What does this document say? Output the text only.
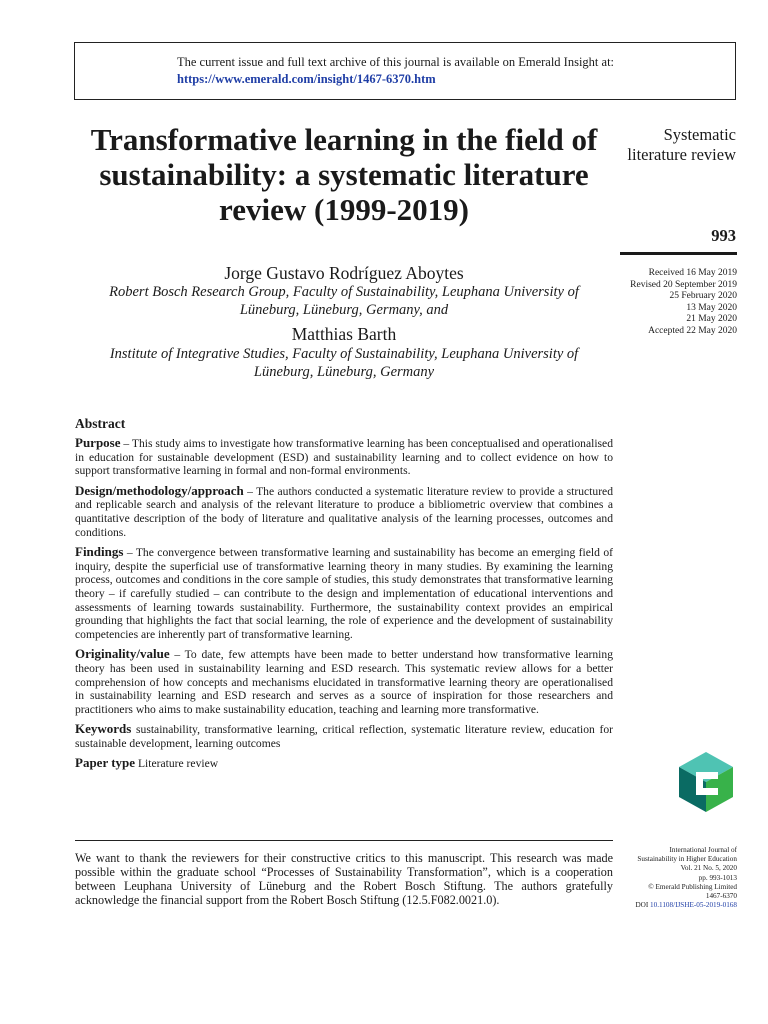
The current issue and full text archive of this journal is available on Emerald Insight at:
https://www.emerald.com/insight/1467-6370.htm
Transformative learning in the field of sustainability: a systematic literature review (1999-2019)
Jorge Gustavo Rodríguez Aboytes
Robert Bosch Research Group, Faculty of Sustainability, Leuphana University of Lüneburg, Lüneburg, Germany, and
Matthias Barth
Institute of Integrative Studies, Faculty of Sustainability, Leuphana University of Lüneburg, Lüneburg, Germany
Systematic literature review
993
Received 16 May 2019
Revised 20 September 2019
25 February 2020
13 May 2020
21 May 2020
Accepted 22 May 2020
Abstract

Purpose – This study aims to investigate how transformative learning has been conceptualised and operationalised in education for sustainable development (ESD) and sustainability learning and to collect evidence on how to support transformative learning in formal and non-formal environments.

Design/methodology/approach – The authors conducted a systematic literature review to provide a structured and replicable search and analysis of the relevant literature to produce a bibliometric overview that combines a quantitative description of the body of literature and qualitative analysis of the learning processes, outcomes and conditions.

Findings – The convergence between transformative learning and sustainability has become an emerging field of inquiry, despite the superficial use of transformative learning theory in many studies. By examining the learning process, outcomes and conditions in the core sample of studies, this study demonstrates that transformative learning theory – if carefully studied – can contribute to the design and implementation of educational interventions and assessments of learning towards sustainability. Furthermore, the sustainability context provides an empirical grounding that highlights the fact that social learning, the role of experience and the development of sustainability competencies are inherently part of transformative learning.

Originality/value – To date, few attempts have been made to better understand how transformative learning theory has been used in sustainability learning and ESD research. This systematic review allows for a better comprehension of how concepts and mechanisms elucidated in transformative learning theory are operationalised in sustainability learning and ESD research and serves as a source of inspiration for those researchers and practitioners who aims to make sustainability education, teaching and learning more transformative.

Keywords sustainability, transformative learning, critical reflection, systematic literature review, education for sustainable development, learning outcomes

Paper type Literature review

We want to thank the reviewers for their constructive critics to this manuscript. This research was made possible within the graduate school “Processes of Sustainability Transformation”, which is a cooperation between Leuphana University of Lüneburg and the Robert Bosch Stiftung. The authors gratefully acknowledge the financial support from the Robert Bosch Stiftung (12.5.F082.0021.0).
International Journal of
Sustainability in Higher Education
Vol. 21 No. 5, 2020
pp. 993-1013
© Emerald Publishing Limited
1467-6370
DOI 10.1108/IJSHE-05-2019-0168
